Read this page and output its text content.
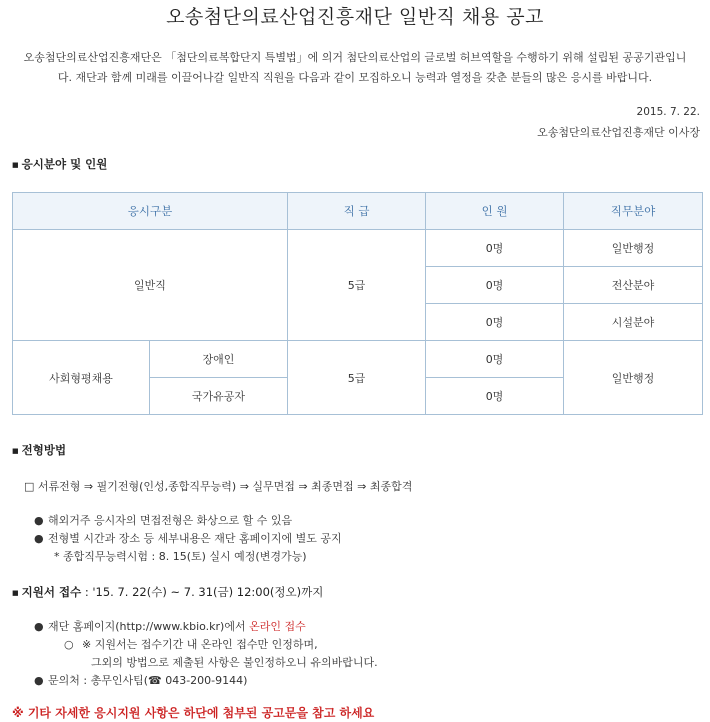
오송첨단의료산업진흥재단 일반직 채용 공고
오송첨단의료산업진흥재단은 「첨단의료복합단지 특별법」에 의거 첨단의료산업의 글로벌 허브역할을 수행하기 위해 설립된 공공기관입니
다. 재단과 함께 미래를 이끌어나갈 일반직 직원을 다음과 같이 모집하오니 능력과 열정을 갖춘 분들의 많은 응시를 바랍니다.
2015. 7. 22.
오송첨단의료산업진흥재단 이사장
■ 응시분야 및 인원
응시구분		직 급	인 원	직무분야
일반직		5급	0명	일반행정
			0명	전산분야
			0명	시설분야
사회형평채용	장애인	5급	0명	일반행정
	국가유공자		0명	
■ 전형방법
□ 서류전형 ⇒ 필기전형(인성,종합직무능력) ⇒ 실무면접 ⇒ 최종면접 ⇒ 최종합격
● 해외거주 응시자의 면접전형은 화상으로 할 수 있음
● 전형별 시간과 장소 등 세부내용은 재단 홈페이지에 별도 공지
* 종합직무능력시험 : 8. 15(토) 실시 예정(변경가능)
■ 지원서 접수 : '15. 7. 22(수) ~ 7. 31(금) 12:00(정오)까지
● 재단 홈페이지(http://www.kbio.kr)에서 온라인 접수
○ ※ 지원서는 접수기간 내 온라인 접수만 인정하며,
그외의 방법으로 제출된 사항은 불인정하오니 유의바랍니다.
● 문의처 : 총무인사팀(☎ 043-200-9144)
※ 기타 자세한 응시지원 사항은 하단에 첨부된 공고문을 참고 하세요
